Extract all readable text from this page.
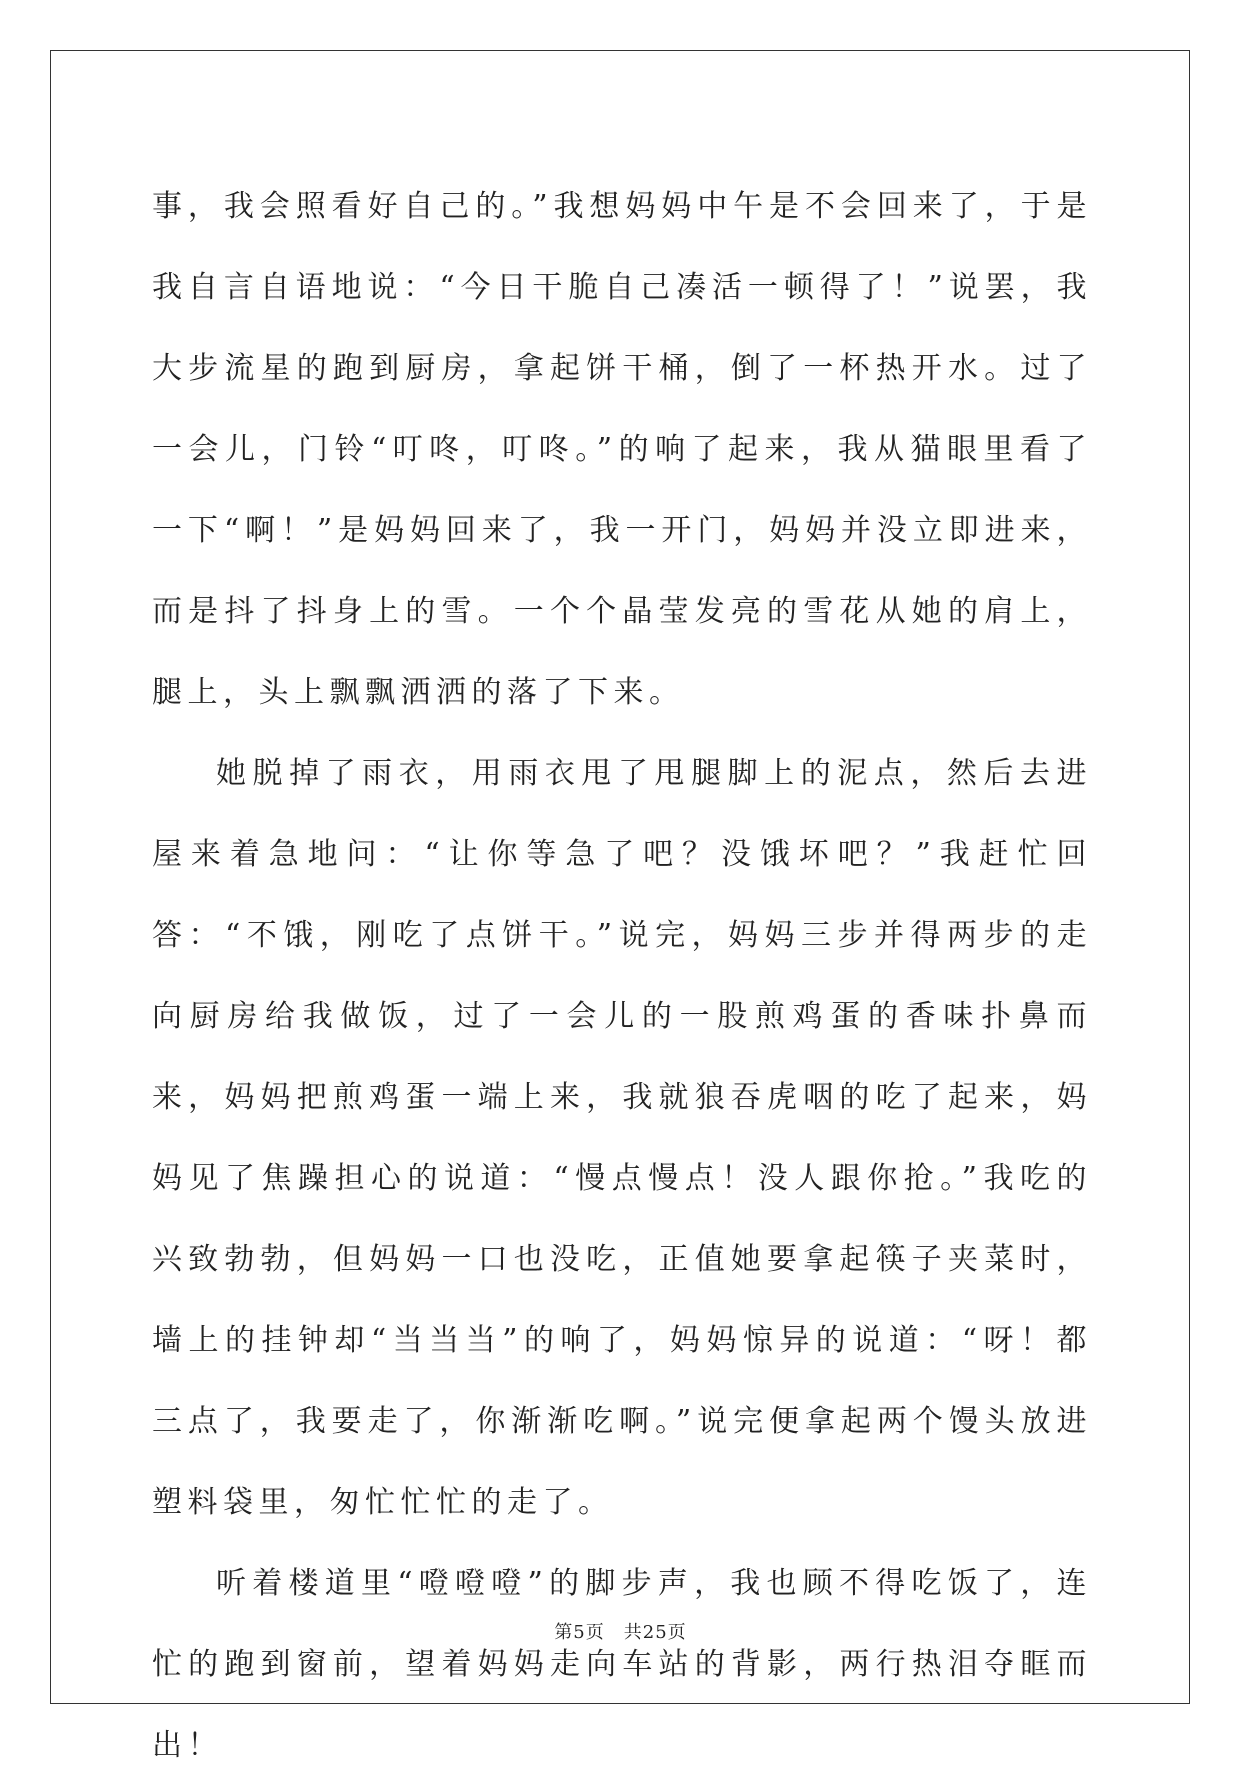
事，我会照看好自己的。”我想妈妈中午是不会回来了，于是我自言自语地说：“今日干脆自己凑活一顿得了！”说罢，我大步流星的跑到厨房，拿起饼干桶，倒了一杯热开水。过了一会儿，门铃“叮咚，叮咚。”的响了起来，我从猫眼里看了一下“啊！”是妈妈回来了，我一开门，妈妈并没立即进来，而是抖了抖身上的雪。一个个晶莹发亮的雪花从她的肩上，腿上，头上飘飘洒洒的落了下来。

她脱掉了雨衣，用雨衣甩了甩腿脚上的泥点，然后去进屋来着急地问：“让你等急了吧？没饿坏吧？”我赶忙回答：“不饿，刚吃了点饼干。”说完，妈妈三步并得两步的走向厨房给我做饭，过了一会儿的一股煎鸡蛋的香味扑鼻而来，妈妈把煎鸡蛋一端上来，我就狼吞虎咽的吃了起来，妈妈见了焦躁担心的说道：“慢点慢点！没人跟你抢。”我吃的兴致勃勃，但妈妈一口也没吃，正值她要拿起筷子夹菜时，墙上的挂钟却“当当当”的响了，妈妈惊异的说道：“呀！都三点了，我要走了，你渐渐吃啊。”说完便拿起两个馒头放进塑料袋里，匆忙忙忙的走了。

听着楼道里“噔噔噔”的脚步声，我也顾不得吃饭了，连忙的跑到窗前，望着妈妈走向车站的背影，两行热泪夺眶而出！

第5页　共25页
